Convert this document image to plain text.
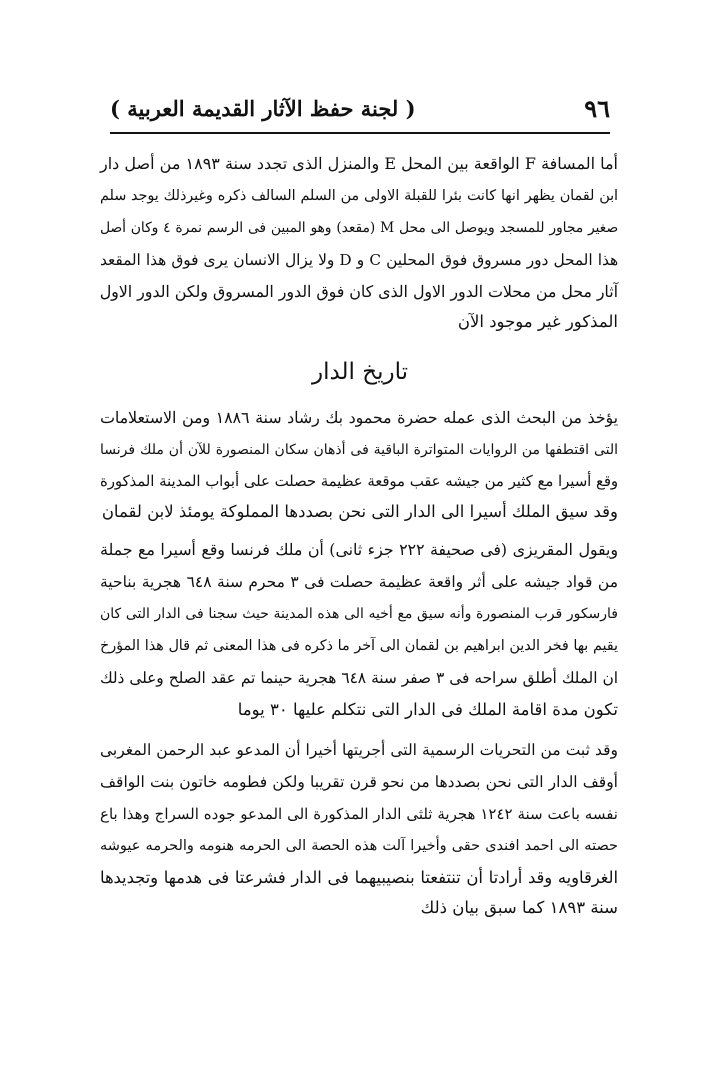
٩٦
( لجنة حفظ الآثار القديمة العربية )
أما المسافة F الواقعة بين المحل E والمنزل الذى تجدد سنة ١٨٩٣ من أصل دار
ابن لقمان يظهر انها كانت بئرا للقبلة الاولى من السلم السالف ذكره وغيرذلك يوجد سلم
صغير مجاور للمسجد ويوصل الى محل M (مقعد) وهو المبين فى الرسم نمرة ٤ وكان أصل
هذا المحل دور مسروق فوق المحلين C و D ولا يزال الانسان يرى فوق هذا المقعد
آثار محل من محلات الدور الاول الذى كان فوق الدور المسروق ولكن الدور الاول
المذكور غير موجود الآن
تاريخ الدار
يؤخذ من البحث الذى عمله حضرة محمود بك رشاد سنة ١٨٨٦ ومن الاستعلامات
التى اقتطفها من الروايات المتواترة الباقية فى أذهان سكان المنصورة للآن أن ملك فرنسا
وقع أسيرا مع كثير من جيشه عقب موقعة عظيمة حصلت على أبواب المدينة المذكورة
وقد سيق الملك أسيرا الى الدار التى نحن بصددها المملوكة يومئذ لابن لقمان
ويقول المقريزى (فى صحيفة ٢٢٢ جزء ثانى) أن ملك فرنسا وقع أسيرا مع جملة
من قواد جيشه على أثر واقعة عظيمة حصلت فى ٣ محرم سنة ٦٤٨ هجرية بناحية
فارسكور قرب المنصورة وأنه سيق مع أخيه الى هذه المدينة حيث سجنا فى الدار التى كان
يقيم بها فخر الدين ابراهيم بن لقمان الى آخر ما ذكره فى هذا المعنى ثم قال هذا المؤرخ
ان الملك أطلق سراحه فى ٣ صفر سنة ٦٤٨ هجرية حينما تم عقد الصلح وعلى ذلك
تكون مدة اقامة الملك فى الدار التى نتكلم عليها ٣٠ يوما
وقد ثبت من التحريات الرسمية التى أجريتها أخيرا أن المدعو عبد الرحمن المغربى
أوقف الدار التى نحن بصددها من نحو قرن تقريبا ولكن فطومه خاتون بنت الواقف
نفسه باعت سنة ١٢٤٢ هجرية ثلثى الدار المذكورة الى المدعو جوده السراج وهذا باع
حصته الى احمد افندى حقى وأخيرا آلت هذه الحصة الى الحرمه هنومه والحرمه عيوشه
الغرقاويه وقد أرادتا أن تنتفعتا بنصيبيهما فى الدار فشرعتا فى هدمها وتجديدها
سنة ١٨٩٣ كما سبق بيان ذلك
